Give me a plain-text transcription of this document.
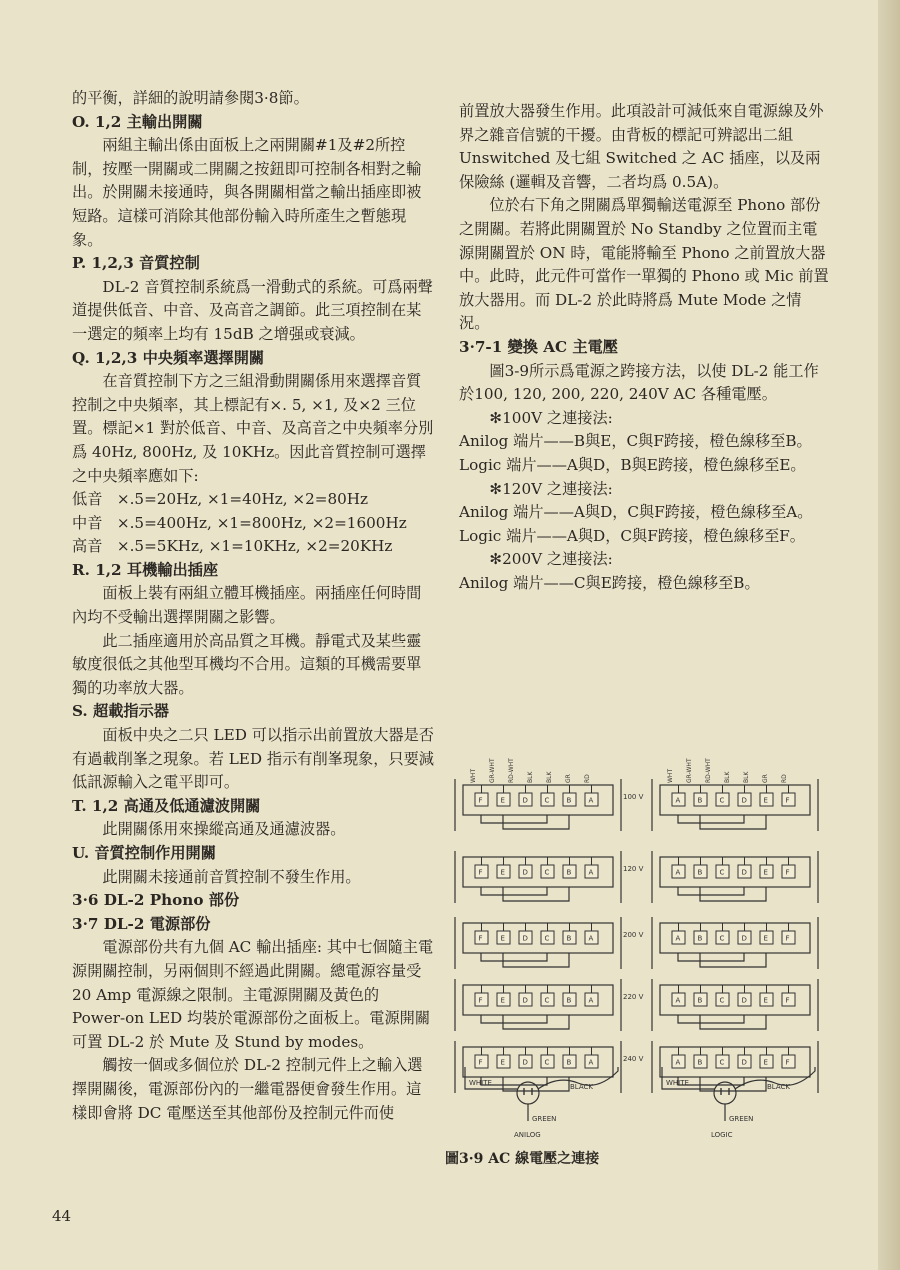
的平衡，詳細的說明請參閱3·8節。

O. 1,2 主輸出開關

兩組主輸出係由面板上之兩開關#1及#2所控制，按壓一開關或二開關之按鈕即可控制各相對之輸出。於開關未接通時，與各開關相當之輸出插座即被短路。這樣可消除其他部份輸入時所產生之暫態現象。

P. 1,2,3 音質控制

DL-2 音質控制系統爲一滑動式的系統。可爲兩聲道提供低音、中音、及高音之調節。此三項控制在某一選定的頻率上均有 15dB 之增强或衰減。

Q. 1,2,3 中央頻率選擇開關

在音質控制下方之三組滑動開關係用來選擇音質控制之中央頻率，其上標記有×. 5, ×1, 及×2 三位置。標記×1 對於低音、中音、及高音之中央頻率分別爲 40Hz, 800Hz, 及 10KHz。因此音質控制可選擇之中央頻率應如下:

低音   ×.5=20Hz, ×1=40Hz, ×2=80Hz

中音   ×.5=400Hz, ×1=800Hz, ×2=1600Hz

高音   ×.5=5KHz, ×1=10KHz, ×2=20KHz

R. 1,2 耳機輸出插座

面板上裝有兩組立體耳機插座。兩插座任何時間內均不受輸出選擇開關之影響。

此二插座適用於高品質之耳機。靜電式及某些靈敏度很低之其他型耳機均不合用。這類的耳機需要單獨的功率放大器。

S. 超載指示器

面板中央之二只 LED 可以指示出前置放大器是否有過載削峯之現象。若 LED 指示有削峯現象，只要減低訊源輸入之電平即可。

T. 1,2 高通及低通濾波開關

此開關係用來操縱高通及通濾波器。

U. 音質控制作用開關

此開關未接通前音質控制不發生作用。

3·6 DL-2 Phono 部份

3·7 DL-2 電源部份

電源部份共有九個 AC 輸出插座: 其中七個隨主電源開關控制，另兩個則不經過此開關。總電源容量受 20 Amp 電源線之限制。主電源開關及黃色的 Power-on LED 均裝於電源部份之面板上。電源開關可置 DL-2 於 Mute 及 Stund by modes。

觸按一個或多個位於 DL-2 控制元件上之輸入選擇開關後，電源部份內的一繼電器便會發生作用。這樣即會將 DC 電壓送至其他部份及控制元件而使

前置放大器發生作用。此項設計可減低來自電源線及外界之雜音信號的干擾。由背板的標記可辨認出二組 Unswitched 及七組 Switched 之 AC 插座，以及兩保險絲 (邏輯及音響，二者均爲 0.5A)。

位於右下角之開關爲單獨輸送電源至 Phono 部份之開關。若將此開關置於 No Standby 之位置而主電源開關置於 ON 時，電能將輸至 Phono 之前置放大器中。此時，此元件可當作一單獨的 Phono 或 Mic 前置放大器用。而 DL-2 於此時將爲 Mute Mode 之情況。

3·7-1 變換 AC 主電壓

圖3-9所示爲電源之跨接方法，以使 DL-2 能工作於100, 120, 200, 220, 240V AC 各種電壓。

✻100V 之連接法:

Anilog 端片——B與E，C與F跨接，橙色線移至B。

Logic 端片——A與D，B與E跨接，橙色線移至E。

✻120V 之連接法:

Anilog 端片——A與D，C與F跨接，橙色線移至A。

Logic 端片——A與D，C與F跨接，橙色線移至F。

✻200V 之連接法:

Anilog 端片——C與E跨接，橙色線移至B。

WHT GR-WHT RD-WHT BLK BLK GR RD	WHT GR-WHT RD-WHT BLK BLK GR RD
F	E	D C B A
F	E	D C B A
F	E	D C B A
F	E	D C B A
F	E	D C B A
A B C D E	F
A B C D E	F
A B C D E	F
A B C D E	F
A B C D E	F
100 V
120 V
200 V
220 V
240 V
WHITE	BLACK
GREEN
ANILOG
WHITE	BLACK
GREEN
LOGIC
圖3·9 AC 線電壓之連接
44
